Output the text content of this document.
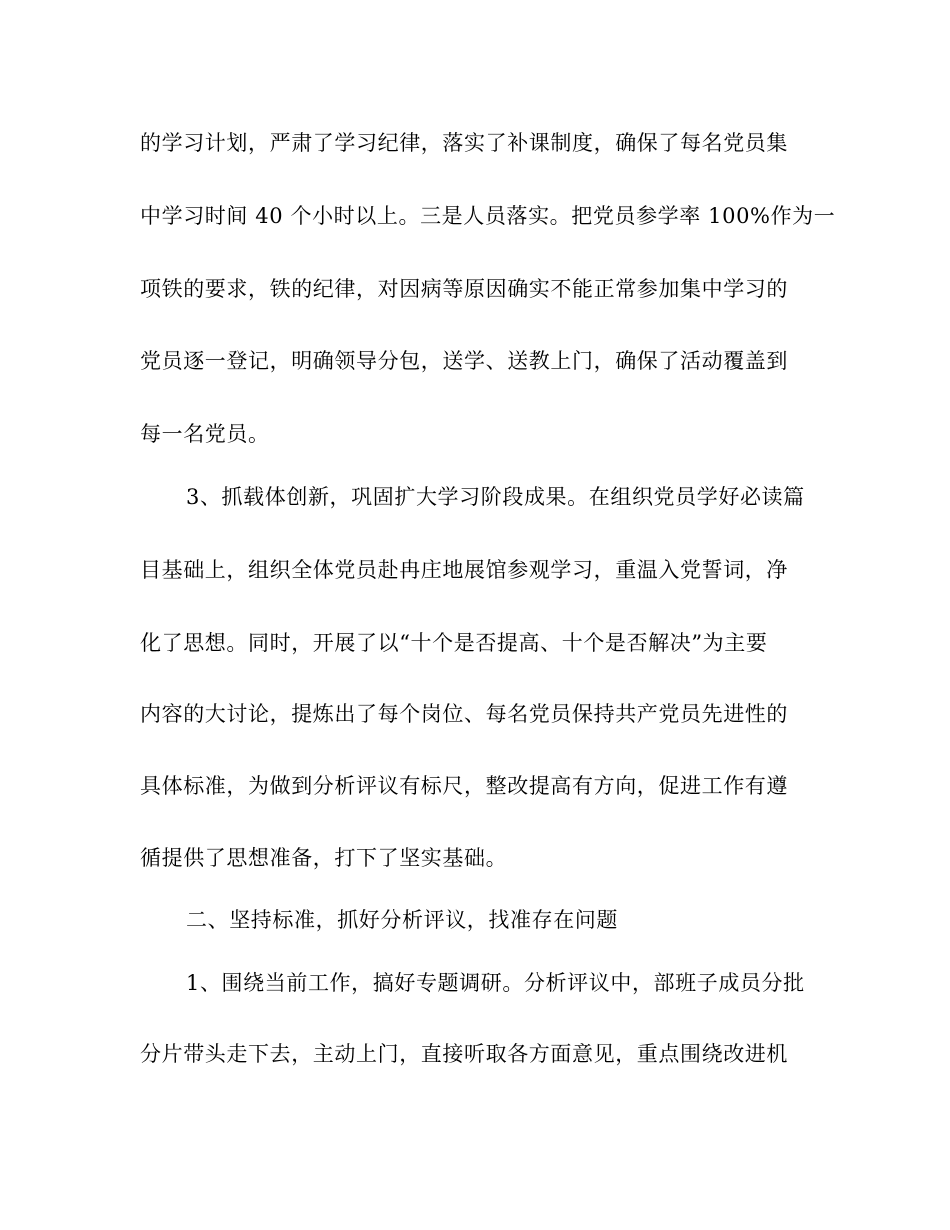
的学习计划，严肃了学习纪律，落实了补课制度，确保了每名党员集
中学习时间 40 个小时以上。三是人员落实。把党员参学率 100%作为一
项铁的要求，铁的纪律，对因病等原因确实不能正常参加集中学习的
党员逐一登记，明确领导分包，送学、送教上门，确保了活动覆盖到
每一名党员。
3、抓载体创新，巩固扩大学习阶段成果。在组织党员学好必读篇
目基础上，组织全体党员赴冉庄地展馆参观学习，重温入党誓词，净
化了思想。同时，开展了以“十个是否提高、十个是否解决”为主要
内容的大讨论，提炼出了每个岗位、每名党员保持共产党员先进性的
具体标准，为做到分析评议有标尺，整改提高有方向，促进工作有遵
循提供了思想准备，打下了坚实基础。
二、坚持标准，抓好分析评议，找准存在问题
1、围绕当前工作，搞好专题调研。分析评议中，部班子成员分批
分片带头走下去，主动上门，直接听取各方面意见，重点围绕改进机
